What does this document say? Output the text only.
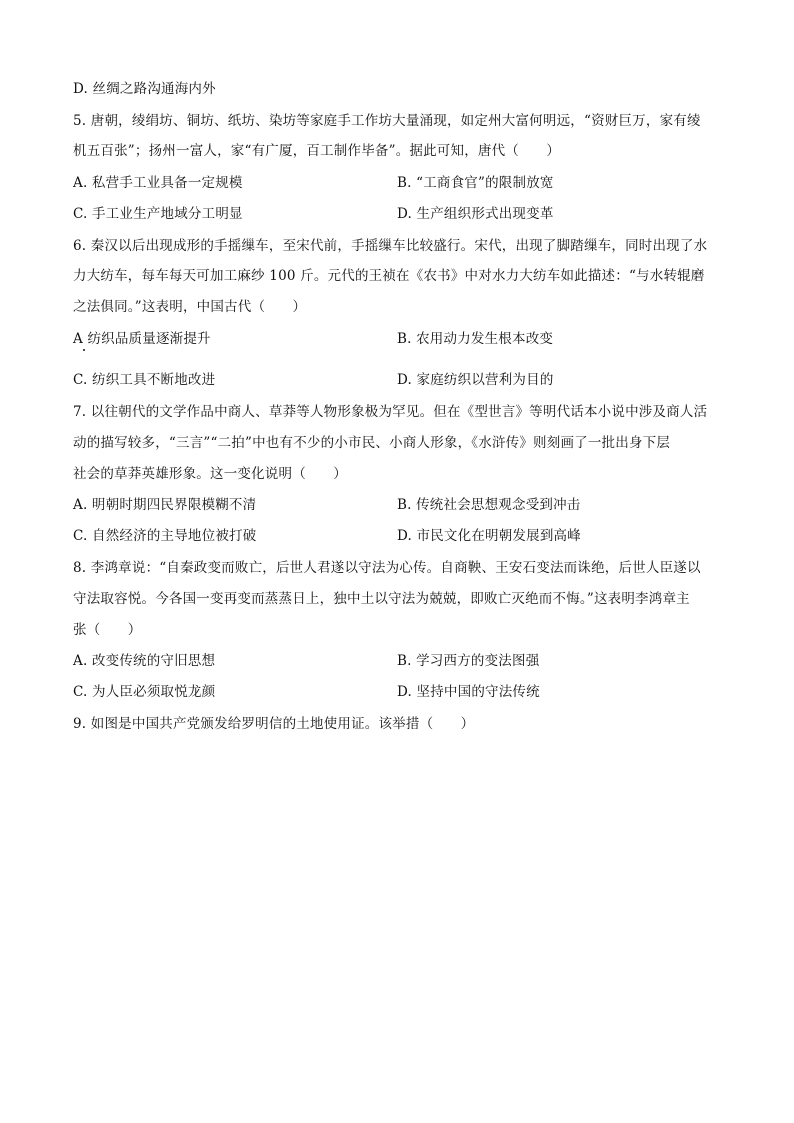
D. 丝绸之路沟通海内外
5. 唐朝，绫绢坊、铜坊、纸坊、染坊等家庭手工作坊大量涌现，如定州大富何明远，“资财巨万，家有绫
机五百张”；扬州一富人，家“有广厦，百工制作毕备”。据此可知，唐代（　　）
A. 私营手工业具备一定规模	B. “工商食官”的限制放宽
C. 手工业生产地域分工明显	D. 生产组织形式出现变革
6. 秦汉以后出现成形的手摇缫车，至宋代前，手摇缫车比较盛行。宋代，出现了脚踏缫车，同时出现了水
力大纺车，每车每天可加工麻纱 100 斤。元代的王祯在《农书》中对水力大纺车如此描述：“与水转辊磨
之法俱同。”这表明，中国古代（　　）
A 纺织品质量逐渐提升	B. 农用动力发生根本改变
C. 纺织工具不断地改进	D. 家庭纺织以营利为目的
7. 以往朝代的文学作品中商人、草莽等人物形象极为罕见。但在《型世言》等明代话本小说中涉及商人活
动的描写较多，“三言”“二拍”中也有不少的小市民、小商人形象，《水浒传》则刻画了一批出身下层
社会的草莽英雄形象。这一变化说明（　　）
A. 明朝时期四民界限模糊不清	B. 传统社会思想观念受到冲击
C. 自然经济的主导地位被打破	D. 市民文化在明朝发展到高峰
8. 李鸿章说：“自秦政变而败亡，后世人君遂以守法为心传。自商鞅、王安石变法而诛绝，后世人臣遂以
守法取容悦。今各国一变再变而蒸蒸日上，独中土以守法为兢兢，即败亡灭绝而不悔。”这表明李鸿章主
张（　　）
A. 改变传统的守旧思想	B. 学习西方的变法图强
C. 为人臣必须取悦龙颜	D. 坚持中国的守法传统
9. 如图是中国共产党颁发给罗明信的土地使用证。该举措（　　）
